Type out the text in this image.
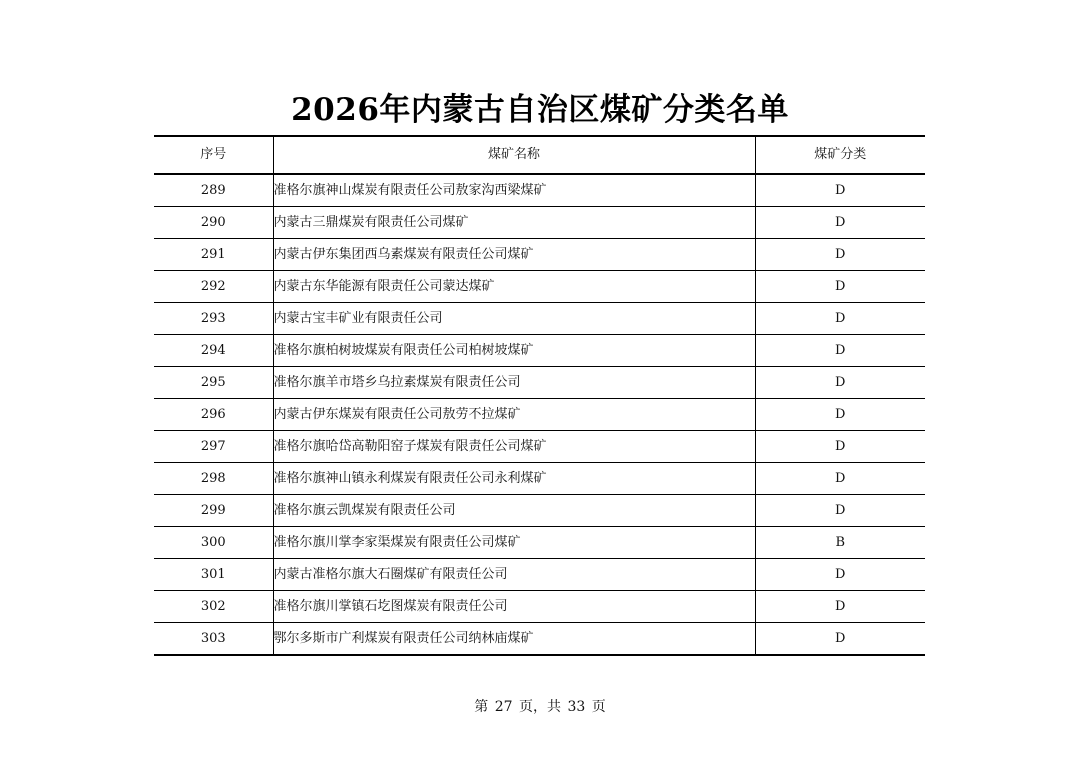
2026年内蒙古自治区煤矿分类名单
序号	煤矿名称	煤矿分类
289	准格尔旗神山煤炭有限责任公司敖家沟西梁煤矿	D
290	内蒙古三鼎煤炭有限责任公司煤矿	D
291	内蒙古伊东集团西乌素煤炭有限责任公司煤矿	D
292	内蒙古东华能源有限责任公司蒙达煤矿	D
293	内蒙古宝丰矿业有限责任公司	D
294	准格尔旗柏树坡煤炭有限责任公司柏树坡煤矿	D
295	准格尔旗羊市塔乡乌拉素煤炭有限责任公司	D
296	内蒙古伊东煤炭有限责任公司敖劳不拉煤矿	D
297	准格尔旗哈岱高勒阳窑子煤炭有限责任公司煤矿	D
298	准格尔旗神山镇永利煤炭有限责任公司永利煤矿	D
299	准格尔旗云凯煤炭有限责任公司	D
300	准格尔旗川掌李家渠煤炭有限责任公司煤矿	B
301	内蒙古准格尔旗大石圈煤矿有限责任公司	D
302	准格尔旗川掌镇石圪图煤炭有限责任公司	D
303	鄂尔多斯市广利煤炭有限责任公司纳林庙煤矿	D
第 27 页，共 33 页
